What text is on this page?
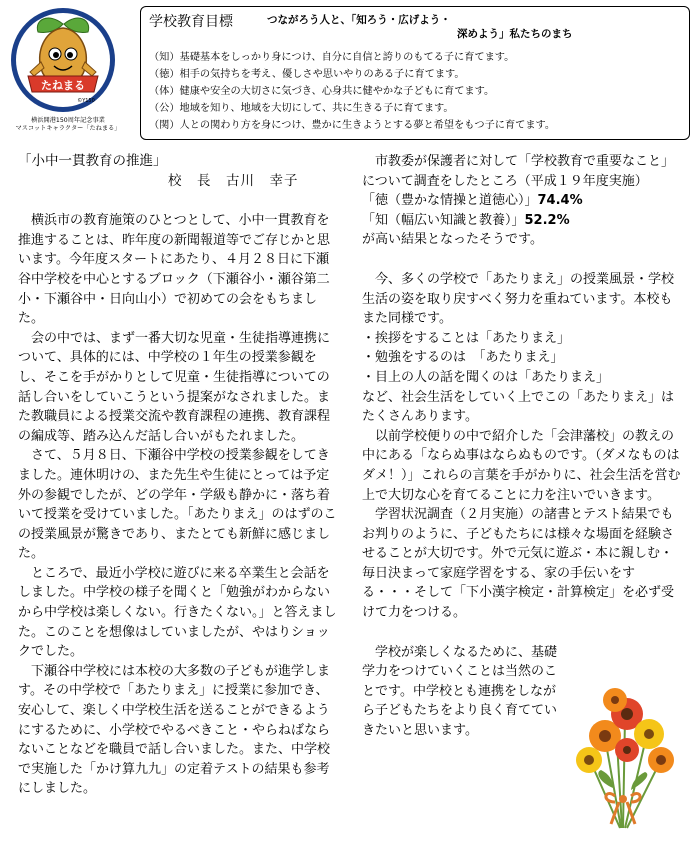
たねまる
©Y150
横浜開港150周年記念事業
マスコットキャラクター「たねまる」
学校教育目標	つながろう人と、「知ろう・広げよう・
深めよう」私たちのまち
（知）基礎基本をしっかり身につけ、自分に自信と誇りのもてる子に育てます。
（徳）相手の気持ちを考え、優しさや思いやりのある子に育てます。
（体）健康や安全の大切さに気づき、心身共に健やかな子どもに育てます。
（公）地域を知り、地域を大切にして、共に生きる子に育てます。
（関）人との関わり方を身につけ、豊かに生きようとする夢と希望をもつ子に育てます。
「小中一貫教育の推進」
校　長　古川　幸子

横浜市の教育施策のひとつとして、小中一貫教育を推進することは、昨年度の新聞報道等でご存じかと思います。今年度スタートにあたり、４月２８日に下瀬谷中学校を中心とするブロック（下瀬谷小・瀬谷第二小・下瀬谷中・日向山小）で初めての会をもちました。

会の中では、まず一番大切な児童・生徒指導連携について、具体的には、中学校の１年生の授業参観をし、そこを手がかりとして児童・生徒指導についての話し合いをしていこうという提案がなされました。また教職員による授業交流や教育課程の連携、教育課程の編成等、踏み込んだ話し合いがもたれました。

さて、５月８日、下瀬谷中学校の授業参観をしてきました。連休明けの、また先生や生徒にとっては予定外の参観でしたが、どの学年・学級も静かに・落ち着いて授業を受けていました。「あたりまえ」のはずのこの授業風景が驚きであり、またとても新鮮に感じました。

ところで、最近小学校に遊びに来る卒業生と会話をしました。中学校の様子を聞くと「勉強がわからないから中学校は楽しくない。行きたくない。」と答えました。このことを想像はしていましたが、やはりショックでした。

下瀬谷中学校には本校の大多数の子どもが進学します。その中学校で「あたりまえ」に授業に参加でき、安心して、楽しく中学校生活を送ることができるようにするために、小学校でやるべきこと・やらねばならないことなどを職員で話し合いました。また、中学校で実施した「かけ算九九」の定着テストの結果も参考にしました。

市教委が保護者に対して「学校教育で重要なこと」について調査をしたところ（平成１９年度実施）

「徳（豊かな情操と道徳心）」74.4%

「知（幅広い知識と教養）」52.2%

が高い結果となったそうです。

今、多くの学校で「あたりまえ」の授業風景・学校生活の姿を取り戻すべく努力を重ねています。本校もまた同様です。

・挨拶をすることは「あたりまえ」

・勉強をするのは　「あたりまえ」

・目上の人の話を聞くのは「あたりまえ」

など、社会生活をしていく上でこの「あたりまえ」はたくさんあります。

以前学校便りの中で紹介した「会津藩校」の教えの中にある「ならぬ事はならぬものです。（ダメなものはダメ！）」これらの言葉を手がかりに、社会生活を営む上で大切な心を育てることに力を注いでいきます。

学習状況調査（２月実施）の諸書とテスト結果でもお判りのように、子どもたちには様々な場面を経験させることが大切です。外で元気に遊ぶ・本に親しむ・毎日決まって家庭学習をする、家の手伝いをする・・・そして「下小漢字検定・計算検定」を必ず受けて力をつける。

学校が楽しくなるために、基礎学力をつけていくことは当然のことです。中学校とも連携をしながら子どもたちをより良く育てていきたいと思います。
